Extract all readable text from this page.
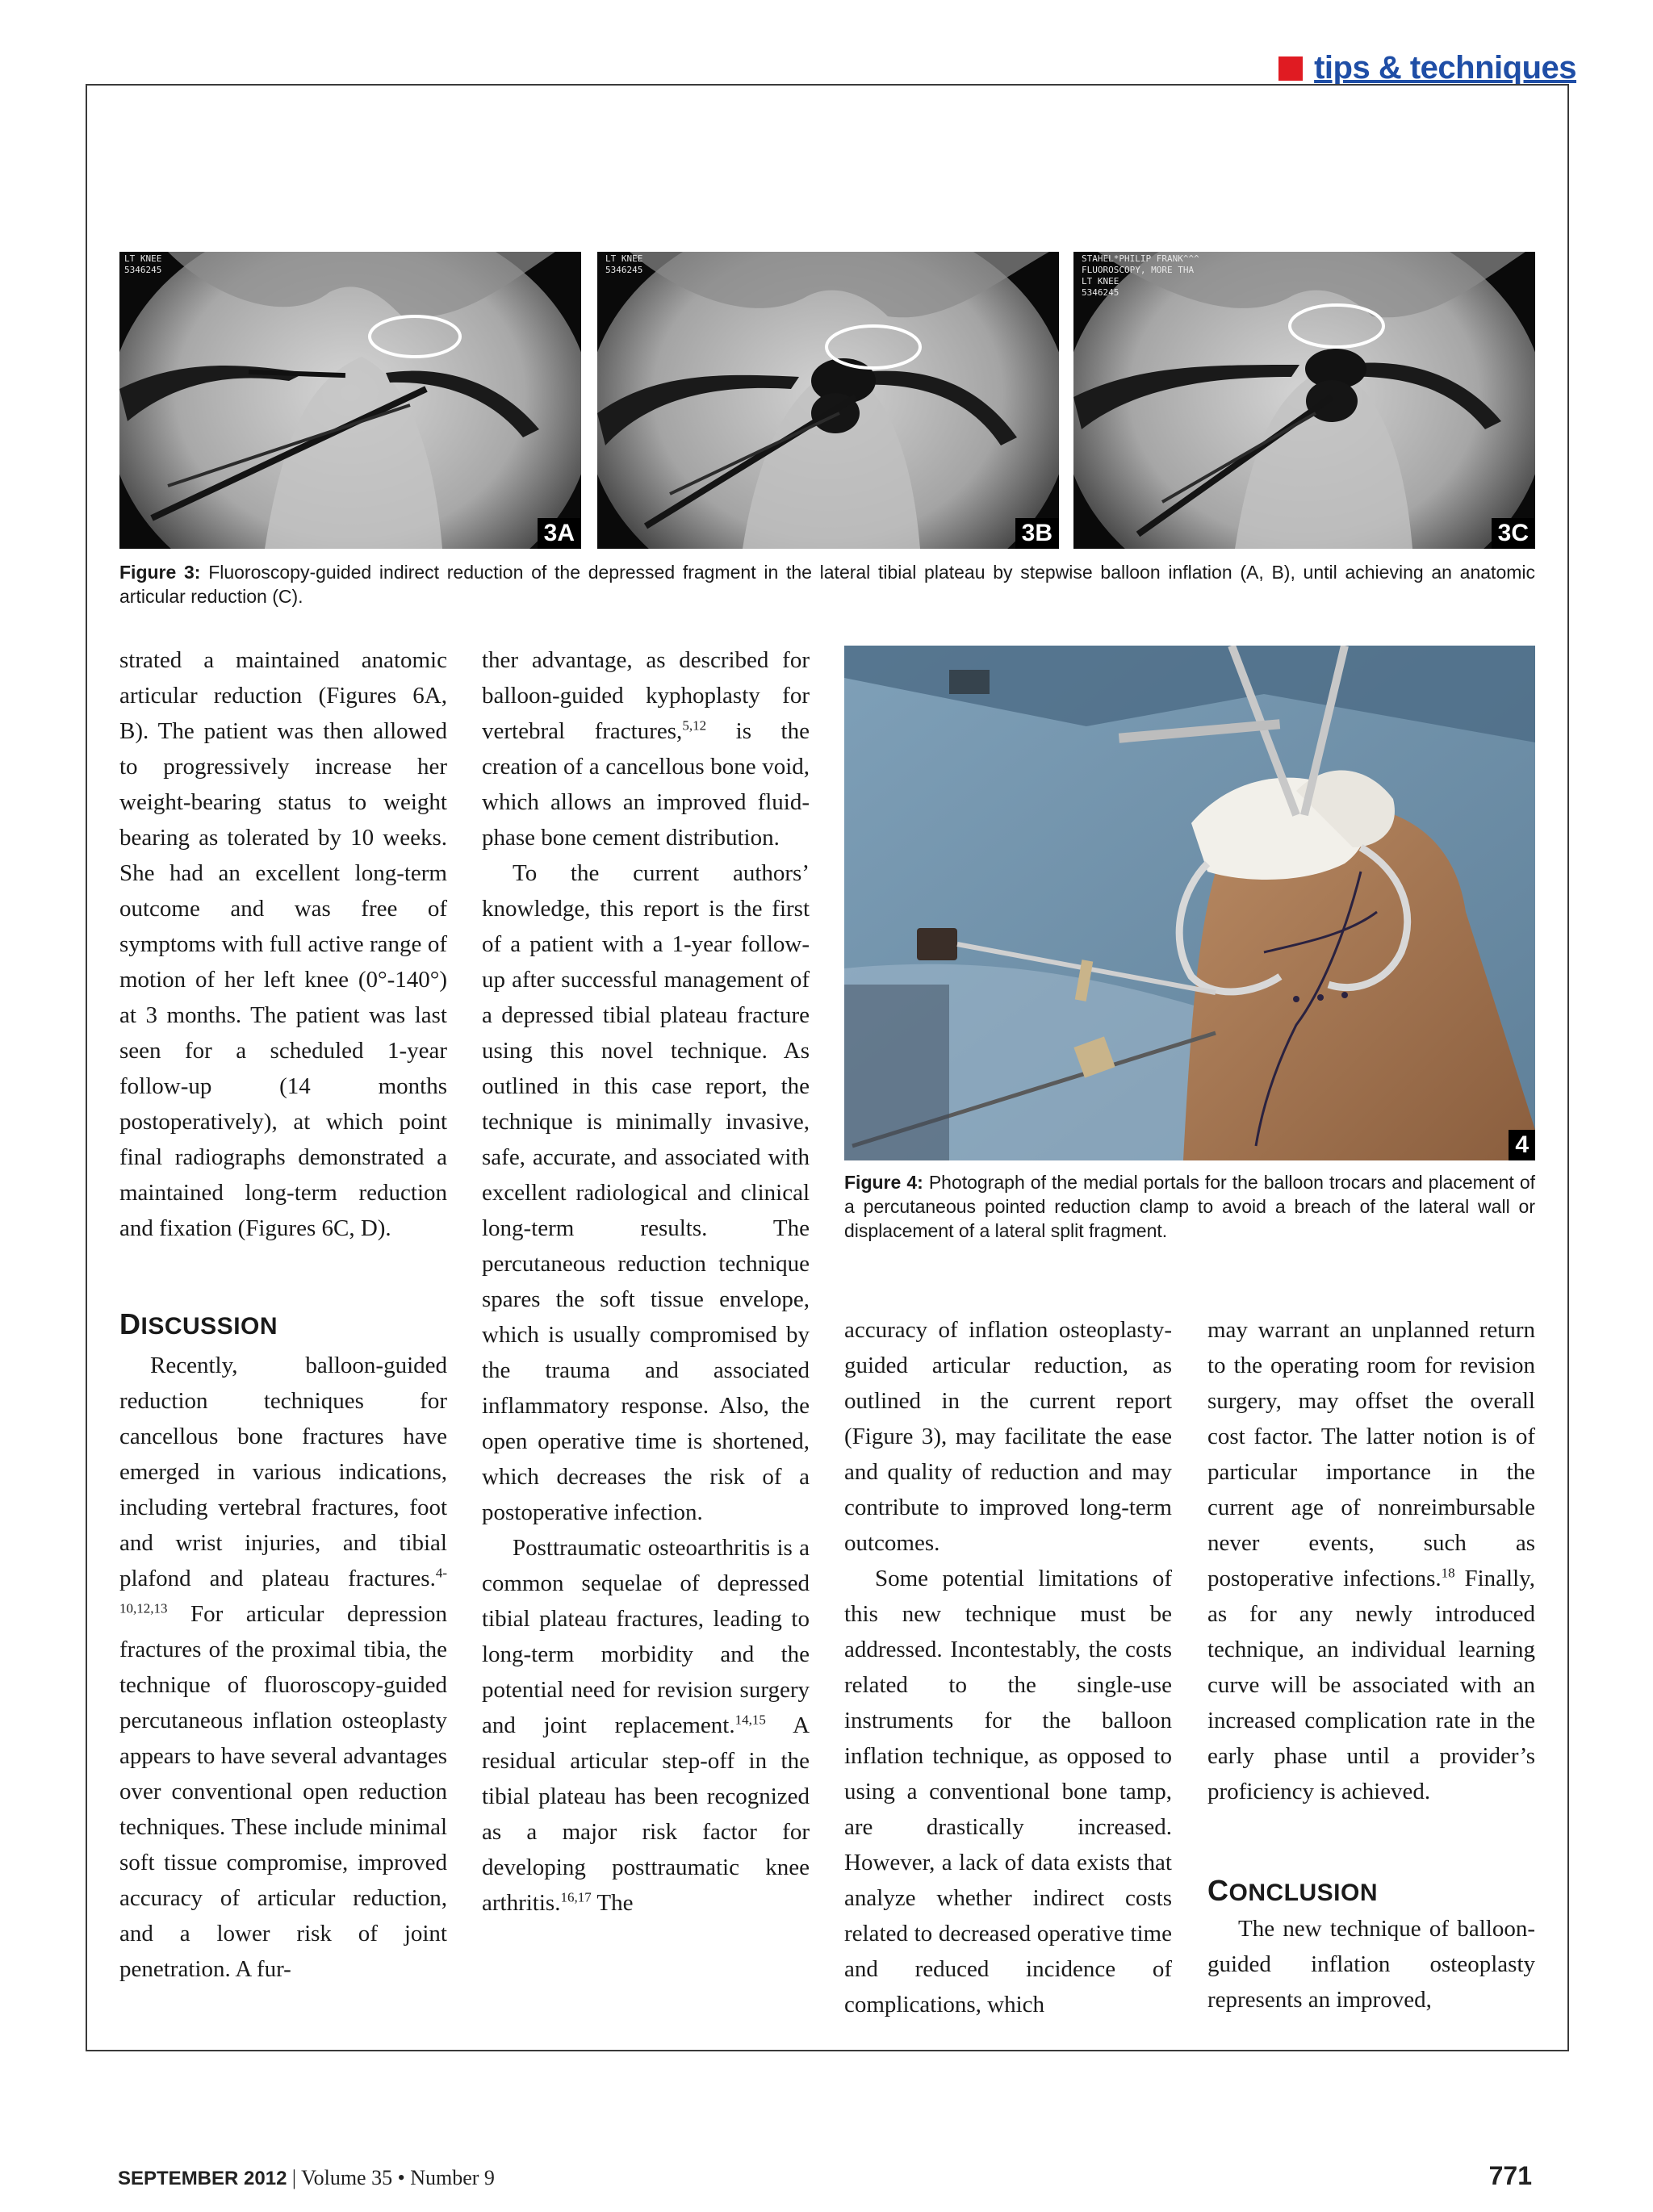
tips & techniques
LT KNEE
5346245
3A
LT KNEE
5346245
3B
STAHEL*PHILIP FRANK^^^
FLUOROSCOPY, MORE THA
LT KNEE
5346245
3C
Figure 3: Fluoroscopy-guided indirect reduction of the depressed fragment in the lateral tibial plateau by stepwise balloon inflation (A, B), until achieving an anatomic articular reduction (C).
4
Figure 4: Photograph of the medial portals for the balloon trocars and placement of a percutaneous pointed reduction clamp to avoid a breach of the lateral wall or displacement of a lateral split fragment.

strated a maintained anatomic articular reduction (Figures 6A, B). The patient was then allowed to progressively increase her weight-bearing status to weight bearing as tolerated by 10 weeks. She had an excellent long-term outcome and was free of symptoms with full active range of motion of her left knee (0°-140°) at 3 months. The patient was last seen for a scheduled 1-year follow-up (14 months postoperatively), at which point final radiographs demonstrated a maintained long-term reduction and fixation (Figures 6C, D).

DISCUSSION

Recently, balloon-guided reduction techniques for cancellous bone fractures have emerged in various indications, including vertebral fractures, foot and wrist injuries, and tibial plafond and plateau fractures.$^{4-10,12,13}$ For articular depression fractures of the proximal tibia, the technique of fluoroscopy-guided percutaneous inflation osteoplasty appears to have several advantages over conventional open reduction techniques. These include minimal soft tissue compromise, improved accuracy of articular reduction, and a lower risk of joint penetration. A fur-

ther advantage, as described for balloon-guided kyphoplasty for vertebral fractures,$^{5,12}$ is the creation of a cancellous bone void, which allows an improved fluid-phase bone cement distribution.

To the current authors’ knowledge, this report is the first of a patient with a 1-year follow-up after successful management of a depressed tibial plateau fracture using this novel technique. As outlined in this case report, the technique is minimally invasive, safe, accurate, and associated with excellent radiological and clinical long-term results. The percutaneous reduction technique spares the soft tissue envelope, which is usually compromised by the trauma and associated inflammatory response. Also, the open operative time is shortened, which decreases the risk of a postoperative infection.

Posttraumatic osteoarthritis is a common sequelae of depressed tibial plateau fractures, leading to long-term morbidity and the potential need for revision surgery and joint replacement.$^{14,15}$ A residual articular step-off in the tibial plateau has been recognized as a major risk factor for developing posttraumatic knee arthritis.$^{16,17}$ The

accuracy of inflation osteoplasty-guided articular reduction, as outlined in the current report (Figure 3), may facilitate the ease and quality of reduction and may contribute to improved long-term outcomes.

Some potential limitations of this new technique must be addressed. Incontestably, the costs related to the single-use instruments for the balloon inflation technique, as opposed to using a conventional bone tamp, are drastically increased. However, a lack of data exists that analyze whether indirect costs related to decreased operative time and reduced incidence of complications, which

may warrant an unplanned return to the operating room for revision surgery, may offset the overall cost factor. The latter notion is of particular importance in the current age of nonreimbursable never events, such as postoperative infections.$^{18}$ Finally, as for any newly introduced technique, an individual learning curve will be associated with an increased complication rate in the early phase until a provider’s proficiency is achieved.

CONCLUSION

The new technique of balloon-guided inflation osteoplasty represents an improved,

SEPTEMBER 2012 | Volume 35 • Number 9	771
